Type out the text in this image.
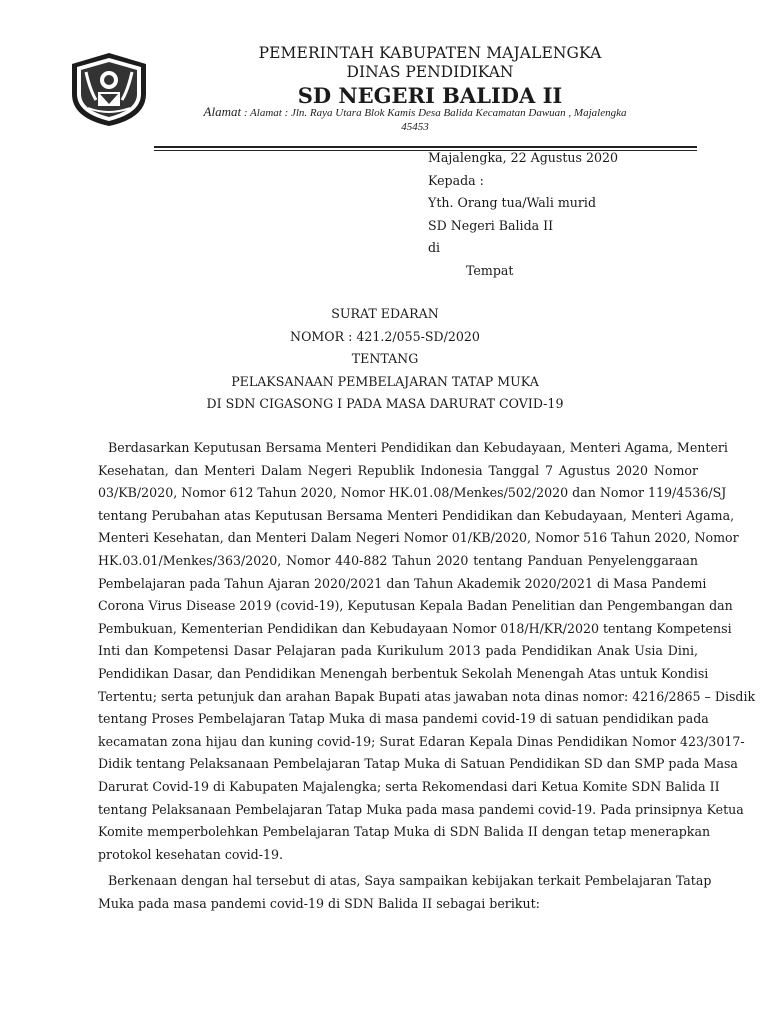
PEMERINTAH KABUPATEN MAJALENGKA
DINAS PENDIDIKAN
SD NEGERI BALIDA II
Alamat : Alamat : Jln. Raya Utara Blok Kamis Desa Balida Kecamatan Dawuan , Majalengka
45453
Majalengka, 22 Agustus 2020
Kepada :
Yth. Orang tua/Wali murid
SD Negeri Balida II
di
Tempat
SURAT EDARAN
NOMOR : 421.2/055-SD/2020
TENTANG
PELAKSANAAN PEMBELAJARAN TATAP MUKA
DI SDN CIGASONG I PADA MASA DARURAT COVID-19
Berdasarkan Keputusan Bersama Menteri Pendidikan dan Kebudayaan, Menteri Agama, Menteri
Kesehatan, dan Menteri Dalam Negeri Republik Indonesia Tanggal 7 Agustus 2020 Nomor
03/KB/2020, Nomor 612 Tahun 2020, Nomor HK.01.08/Menkes/502/2020 dan Nomor 119/4536/SJ
tentang Perubahan atas Keputusan Bersama Menteri Pendidikan dan Kebudayaan, Menteri Agama,
Menteri Kesehatan, dan Menteri Dalam Negeri Nomor 01/KB/2020, Nomor 516 Tahun 2020, Nomor
HK.03.01/Menkes/363/2020, Nomor 440-882 Tahun 2020 tentang Panduan Penyelenggaraan
Pembelajaran pada Tahun Ajaran 2020/2021 dan Tahun Akademik 2020/2021 di Masa Pandemi
Corona Virus Disease 2019 (covid-19), Keputusan Kepala Badan Penelitian dan Pengembangan dan
Pembukuan, Kementerian Pendidikan dan Kebudayaan Nomor 018/H/KR/2020 tentang Kompetensi
Inti dan Kompetensi Dasar Pelajaran pada Kurikulum 2013 pada Pendidikan Anak Usia Dini,
Pendidikan Dasar, dan Pendidikan Menengah berbentuk Sekolah Menengah Atas untuk Kondisi
Tertentu; serta petunjuk dan arahan Bapak Bupati atas jawaban nota dinas nomor: 4216/2865 – Disdik
tentang Proses Pembelajaran Tatap Muka di masa pandemi covid-19 di satuan pendidikan pada
kecamatan zona hijau dan kuning covid-19; Surat Edaran Kepala Dinas Pendidikan Nomor 423/3017-
Didik tentang Pelaksanaan Pembelajaran Tatap Muka di Satuan Pendidikan SD dan SMP pada Masa
Darurat Covid-19 di Kabupaten Majalengka; serta Rekomendasi dari Ketua Komite SDN Balida II
tentang Pelaksanaan Pembelajaran Tatap Muka pada masa pandemi covid-19. Pada prinsipnya Ketua
Komite memperbolehkan Pembelajaran Tatap Muka di SDN Balida II dengan tetap menerapkan
protokol kesehatan covid-19.
Berkenaan dengan hal tersebut di atas, Saya sampaikan kebijakan terkait Pembelajaran Tatap
Muka pada masa pandemi covid-19 di SDN Balida II sebagai berikut:
